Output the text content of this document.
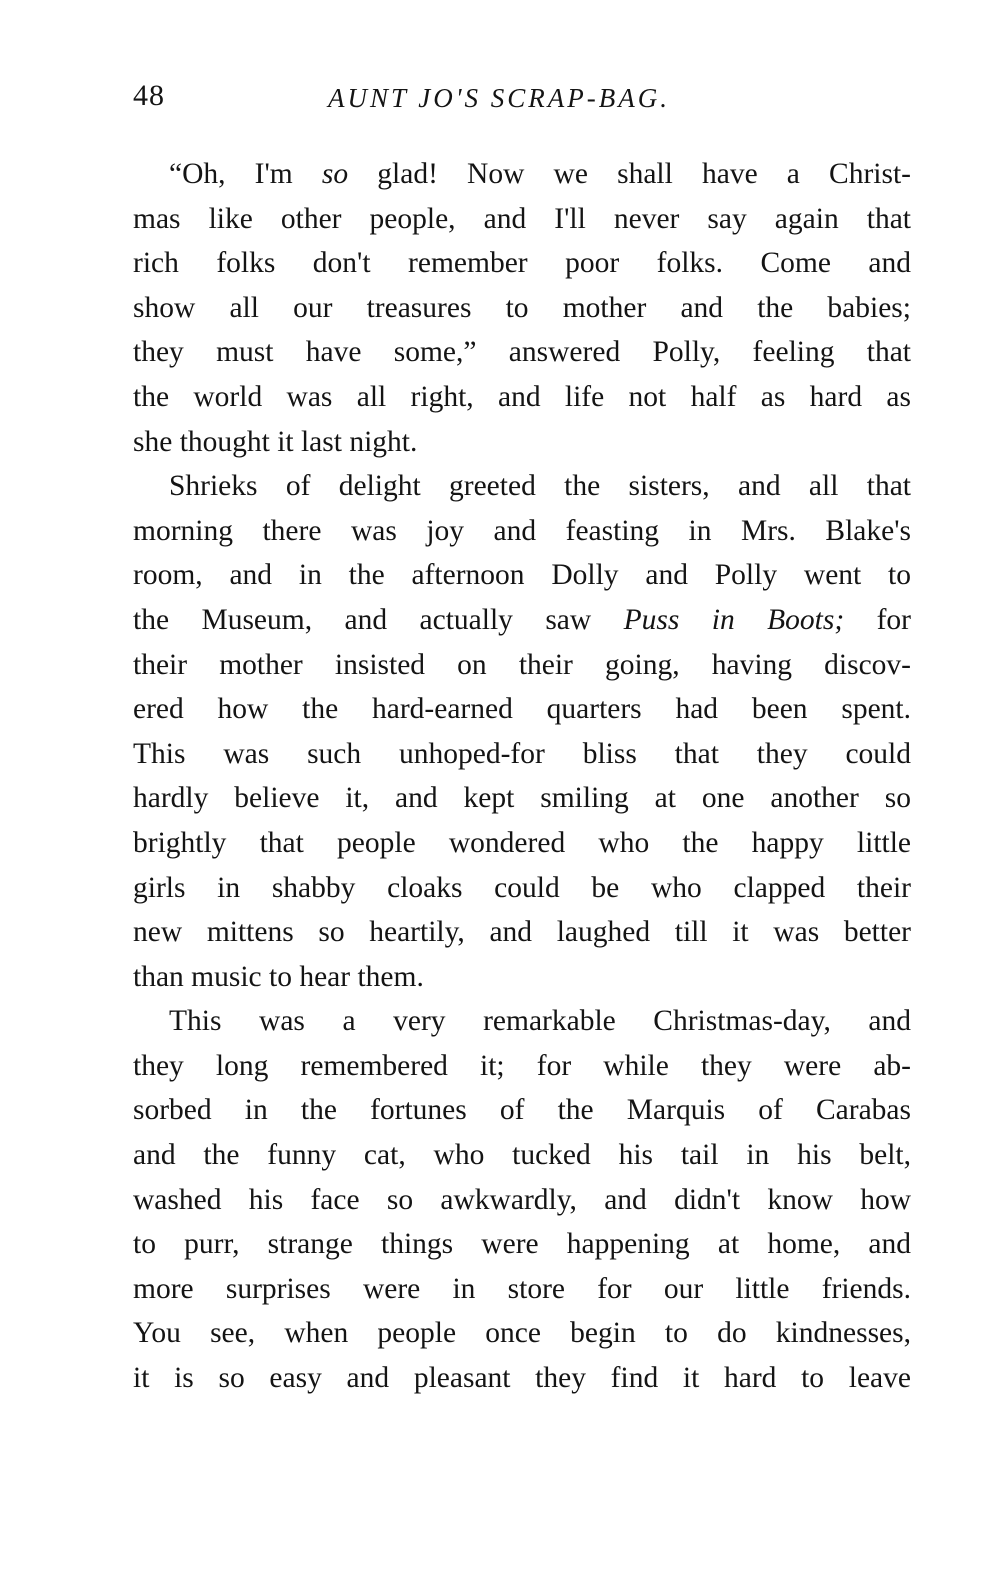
48	AUNT JO'S SCRAP-BAG.
“Oh, I'm so glad! Now we shall have a Christ-
mas like other people, and I'll never say again that
rich folks don't remember poor folks. Come and
show all our treasures to mother and the babies;
they must have some,” answered Polly, feeling that
the world was all right, and life not half as hard as
she thought it last night.
Shrieks of delight greeted the sisters, and all that
morning there was joy and feasting in Mrs. Blake's
room, and in the afternoon Dolly and Polly went to
the Museum, and actually saw Puss in Boots; for
their mother insisted on their going, having discov-
ered how the hard-earned quarters had been spent.
This was such unhoped-for bliss that they could
hardly believe it, and kept smiling at one another so
brightly that people wondered who the happy little
girls in shabby cloaks could be who clapped their
new mittens so heartily, and laughed till it was better
than music to hear them.
This was a very remarkable Christmas-day, and
they long remembered it; for while they were ab-
sorbed in the fortunes of the Marquis of Carabas
and the funny cat, who tucked his tail in his belt,
washed his face so awkwardly, and didn't know how
to purr, strange things were happening at home, and
more surprises were in store for our little friends.
You see, when people once begin to do kindnesses,
it is so easy and pleasant they find it hard to leave
